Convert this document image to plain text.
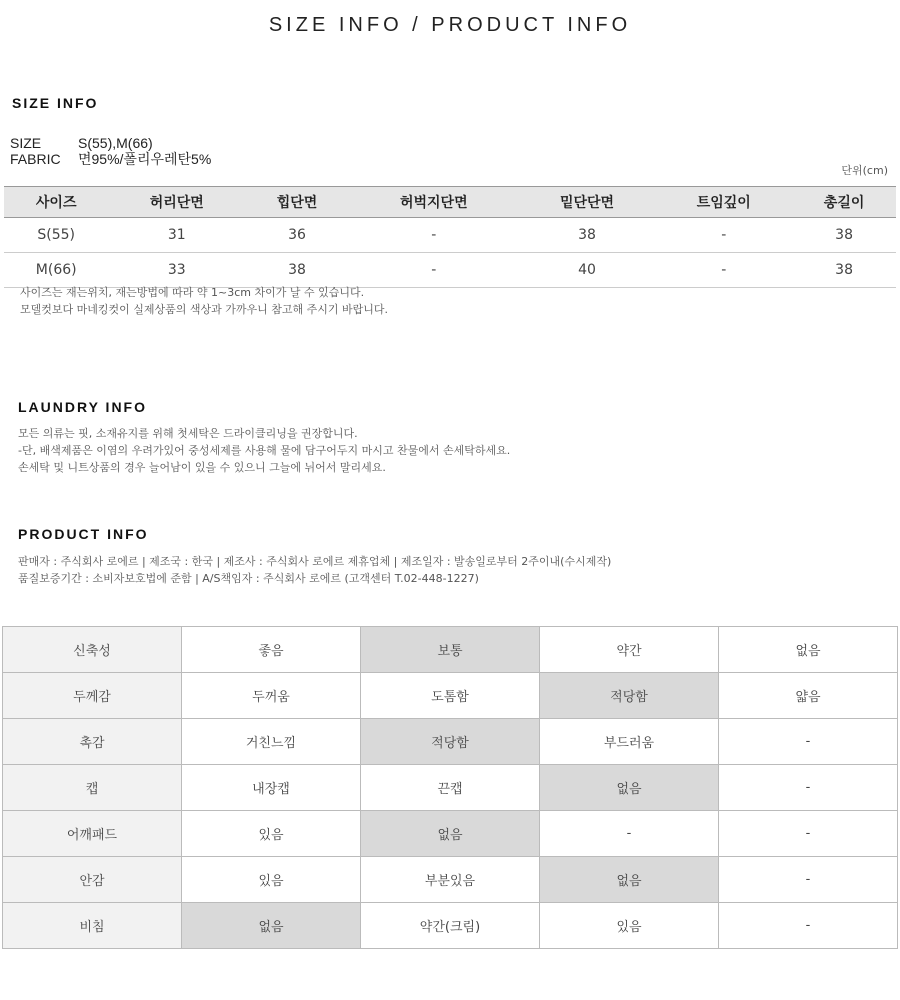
SIZE INFO / PRODUCT INFO
SIZE INFO
SIZE	S(55),M(66)
FABRIC	면95%/폴리우레탄5%
단위(cm)
사이즈	허리단면	힙단면	허벅지단면	밑단단면	트임깊이	총길이
S(55)	31	36	-	38	-	38
M(66)	33	38	-	40	-	38
사이즈는 재는위치, 재는방법에 따라 약 1~3cm 차이가 날 수 있습니다.
모델컷보다 마네킹컷이 실제상품의 색상과 가까우니 참고해 주시기 바랍니다.
LAUNDRY INFO
모든 의류는 핏, 소재유지를 위해 첫세탁은 드라이클리닝을 권장합니다.
-단, 배색제품은 이염의 우려가있어 중성세제를 사용해 물에 담구어두지 마시고 찬물에서 손세탁하세요.
손세탁 및 니트상품의 경우 늘어남이 있을 수 있으니 그늘에 뉘어서 말리세요.
PRODUCT INFO
판매자 : 주식회사 로에르 | 제조국 : 한국 | 제조사 : 주식회사 로에르 제휴업체 | 제조일자 : 발송일로부터 2주이내(수시제작)
품질보증기간 : 소비자보호법에 준함 | A/S책임자 : 주식회사 로에르 (고객센터 T.02-448-1227)
신축성	좋음	보통	약간	없음
두께감	두꺼움	도톰함	적당함	얇음
촉감	거친느낌	적당함	부드러움	-
캡	내장캡	끈캡	없음	-
어깨패드	있음	없음	-	-
안감	있음	부분있음	없음	-
비침	없음	약간(크림)	있음	-
